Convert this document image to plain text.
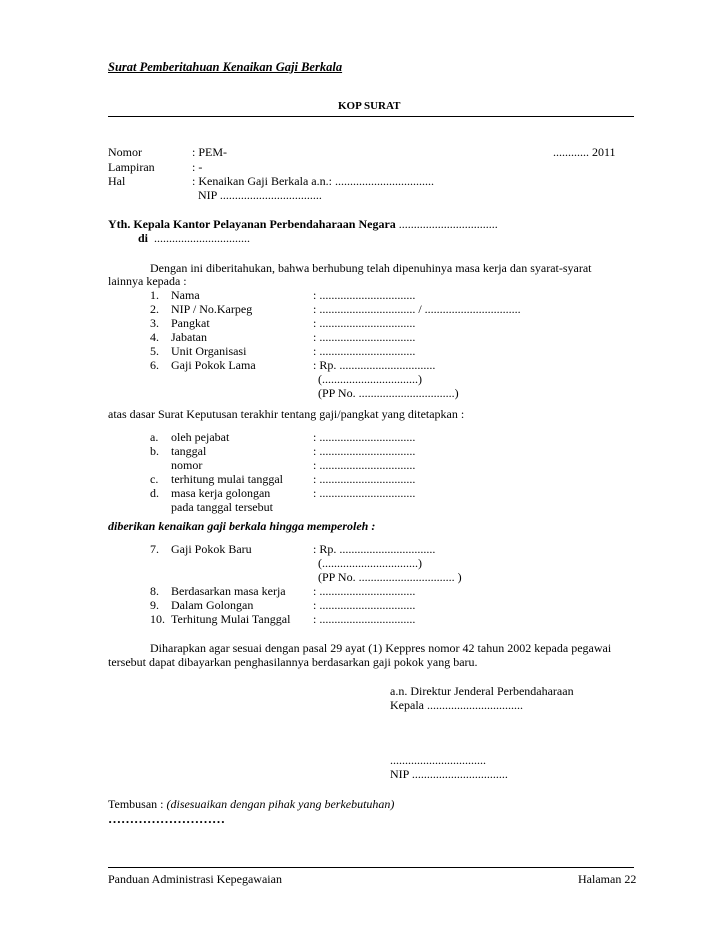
Surat Pemberitahuan Kenaikan Gaji Berkala
KOP SURAT
Nomor	: PEM-	............ 2011
Lampiran	: -
Hal	: Kenaikan Gaji Berkala a.n.: .................................
NIP ..................................
Yth. Kepala Kantor Pelayanan Perbendaharaan Negara .................................
di ................................
Dengan ini diberitahukan, bahwa berhubung telah dipenuhinya masa kerja dan syarat-syarat
lainnya kepada :
1. Nama	: ................................
2. NIP / No.Karpeg	: ................................ / ................................
3. Pangkat	: ................................
4. Jabatan	: ................................
5. Unit Organisasi	: ................................
6. Gaji Pokok Lama	: Rp. ................................
(................................)
(PP No. ................................)
atas dasar Surat Keputusan terakhir tentang gaji/pangkat yang ditetapkan :
a. oleh pejabat	: ................................
b. tanggal	: ................................
nomor	: ................................
c. terhitung mulai tanggal	: ................................
d. masa kerja golongan	: ................................
pada tanggal tersebut
diberikan kenaikan gaji berkala hingga memperoleh :
7. Gaji Pokok Baru	: Rp. ................................
(................................)
(PP No. ................................ )
8. Berdasarkan masa kerja : ................................
9. Dalam Golongan	: ................................
10. Terhitung Mulai Tanggal : ................................
Diharapkan agar sesuai dengan pasal 29 ayat (1) Keppres nomor 42 tahun 2002 kepada pegawai
tersebut dapat dibayarkan penghasilannya berdasarkan gaji pokok yang baru.
a.n. Direktur Jenderal Perbendaharaan
Kepala ................................
................................
NIP ................................
Tembusan : (disesuaikan dengan pihak yang berkebutuhan)
………………………
Panduan Administrasi Kepegawaian	Halaman 22
